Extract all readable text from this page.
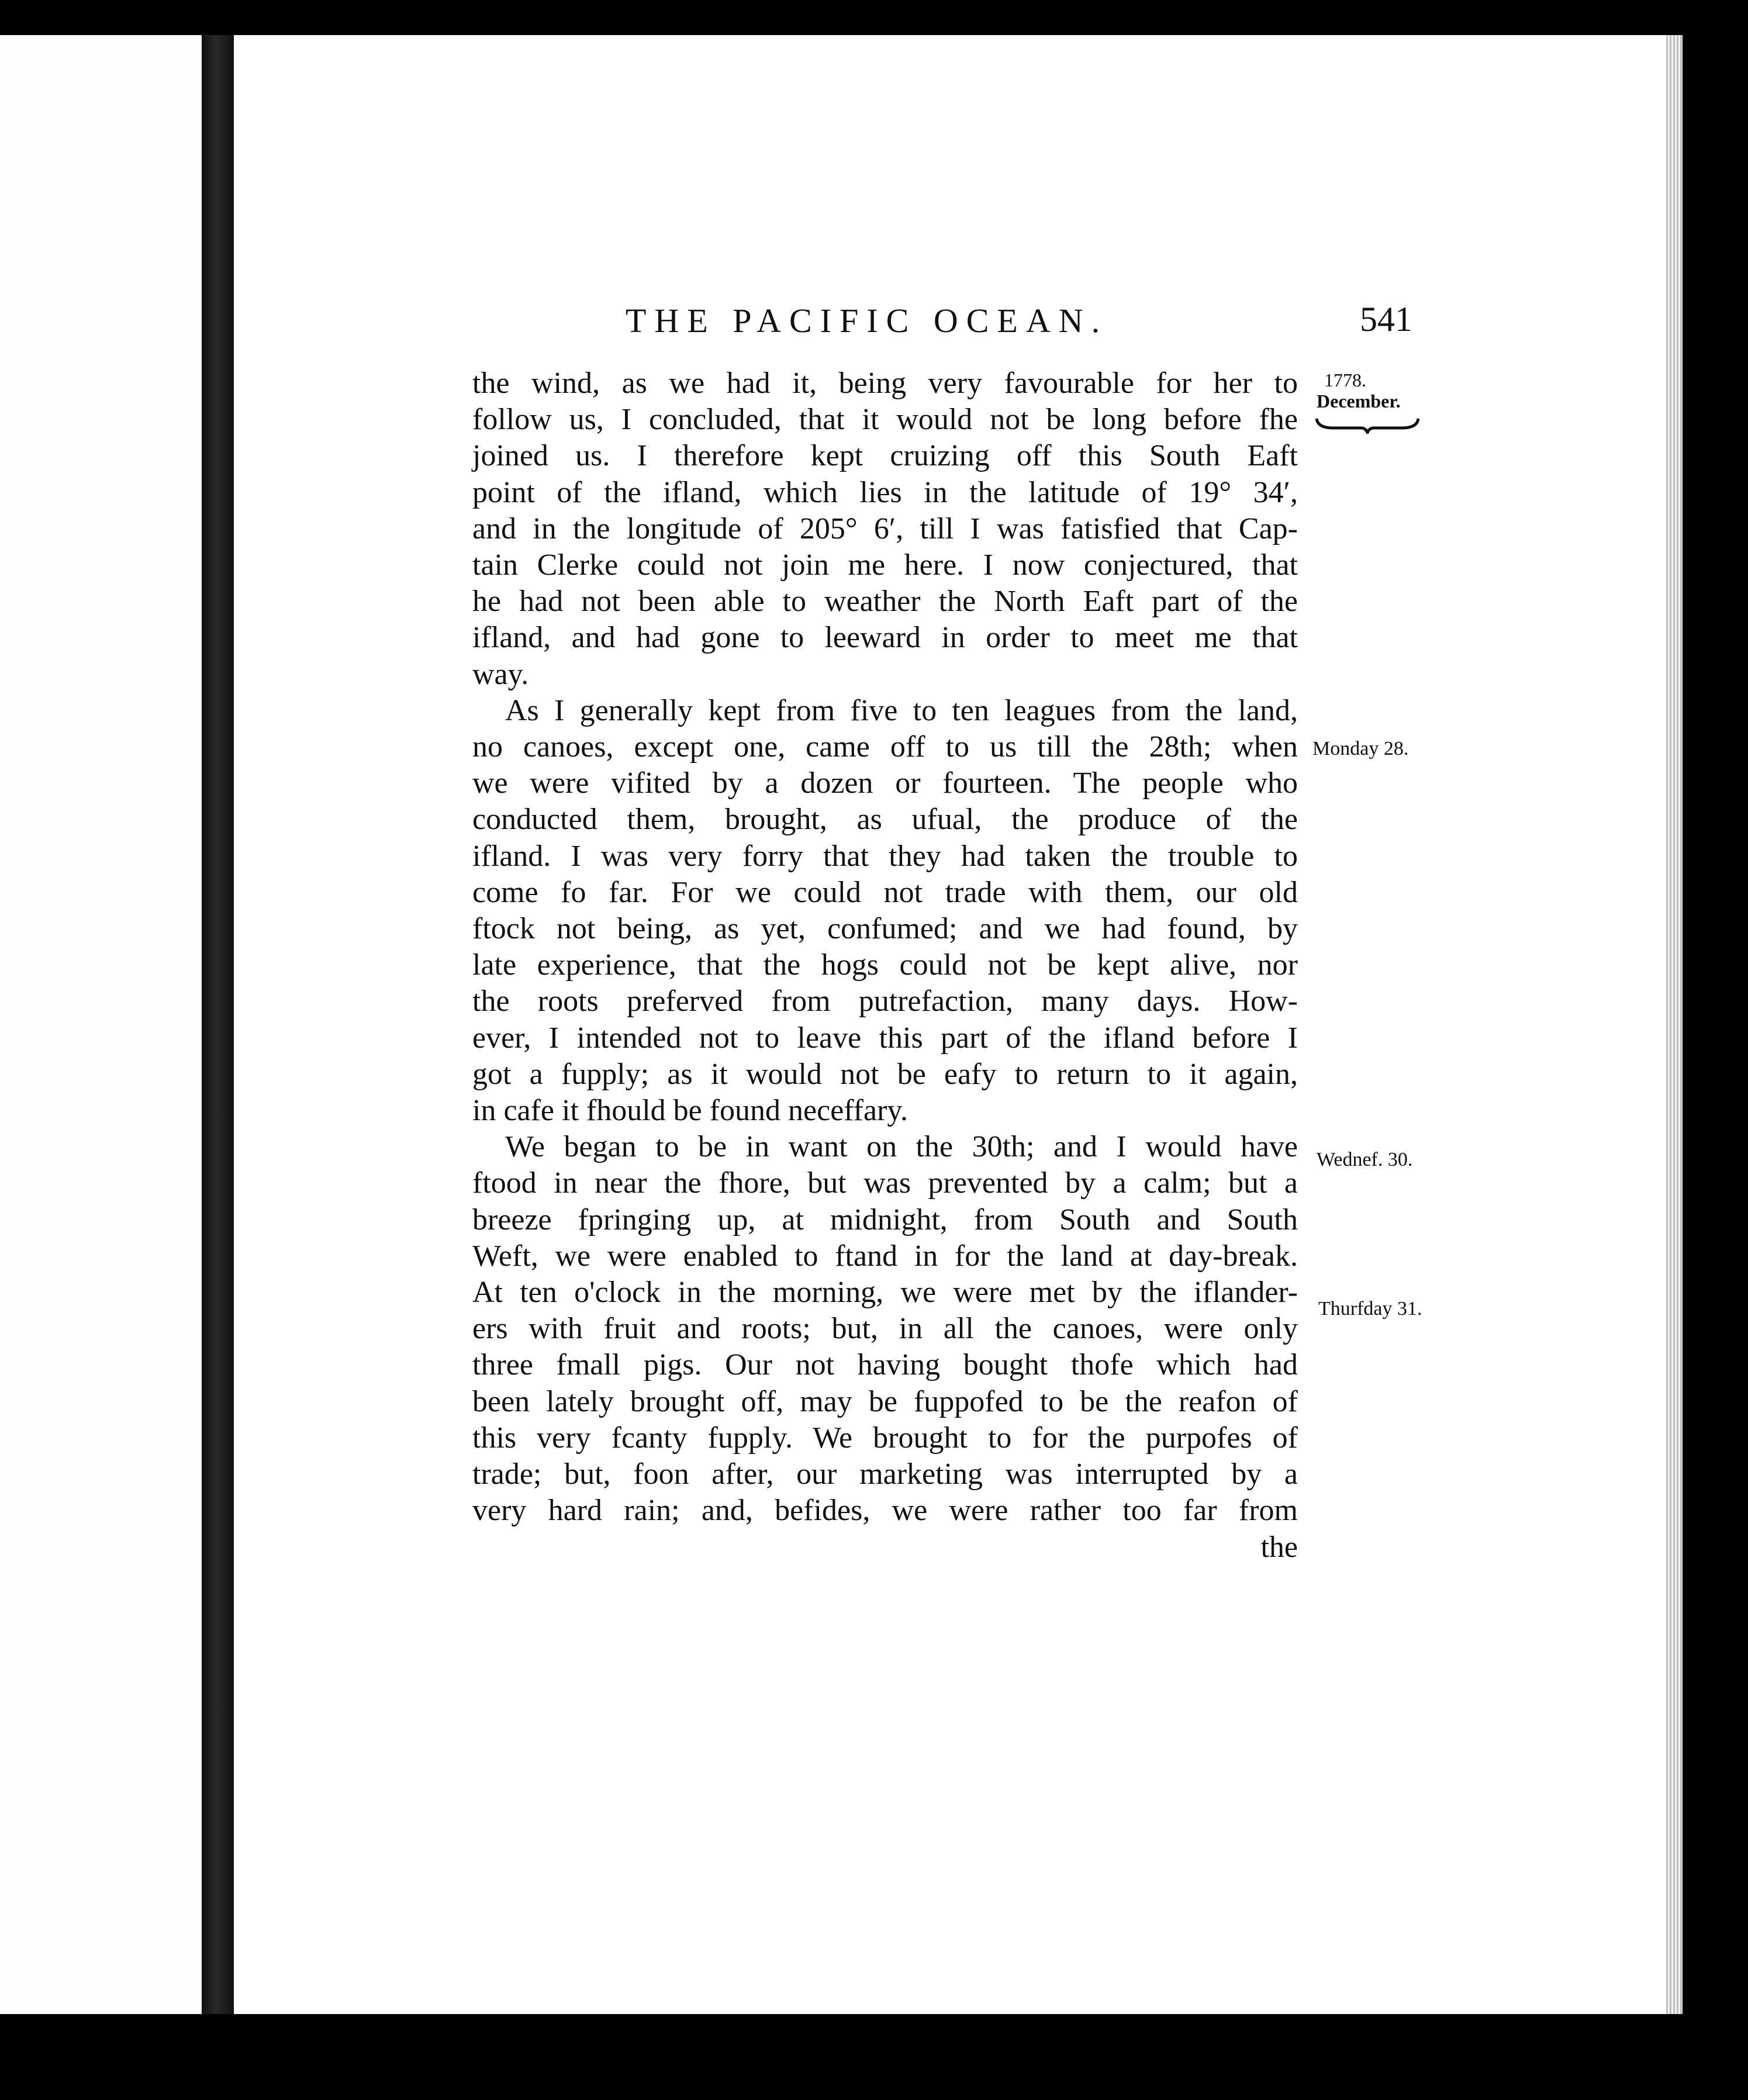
THE PACIFIC OCEAN.	541
1778.
December.
Monday 28.
Wednef. 30.
Thurfday 31.
the wind, as we had it, being very favourable for her to
follow us, I concluded, that it would not be long before fhe
joined us. I therefore kept cruizing off this South Eaft
point of the ifland, which lies in the latitude of 19° 34′,
and in the longitude of 205° 6′, till I was fatisfied that Cap-
tain Clerke could not join me here. I now conjectured, that
he had not been able to weather the North Eaft part of the
ifland, and had gone to leeward in order to meet me that
way.
As I generally kept from five to ten leagues from the land,
no canoes, except one, came off to us till the 28th; when
we were vifited by a dozen or fourteen. The people who
conducted them, brought, as ufual, the produce of the
ifland. I was very forry that they had taken the trouble to
come fo far. For we could not trade with them, our old
ftock not being, as yet, confumed; and we had found, by
late experience, that the hogs could not be kept alive, nor
the roots preferved from putrefaction, many days. How-
ever, I intended not to leave this part of the ifland before I
got a fupply; as it would not be eafy to return to it again,
in cafe it fhould be found neceffary.
We began to be in want on the 30th; and I would have
ftood in near the fhore, but was prevented by a calm; but a
breeze fpringing up, at midnight, from South and South
Weft, we were enabled to ftand in for the land at day-break.
At ten o'clock in the morning, we were met by the iflander-
ers with fruit and roots; but, in all the canoes, were only
three fmall pigs. Our not having bought thofe which had
been lately brought off, may be fuppofed to be the reafon of
this very fcanty fupply. We brought to for the purpofes of
trade; but, foon after, our marketing was interrupted by a
very hard rain; and, befides, we were rather too far from
the
